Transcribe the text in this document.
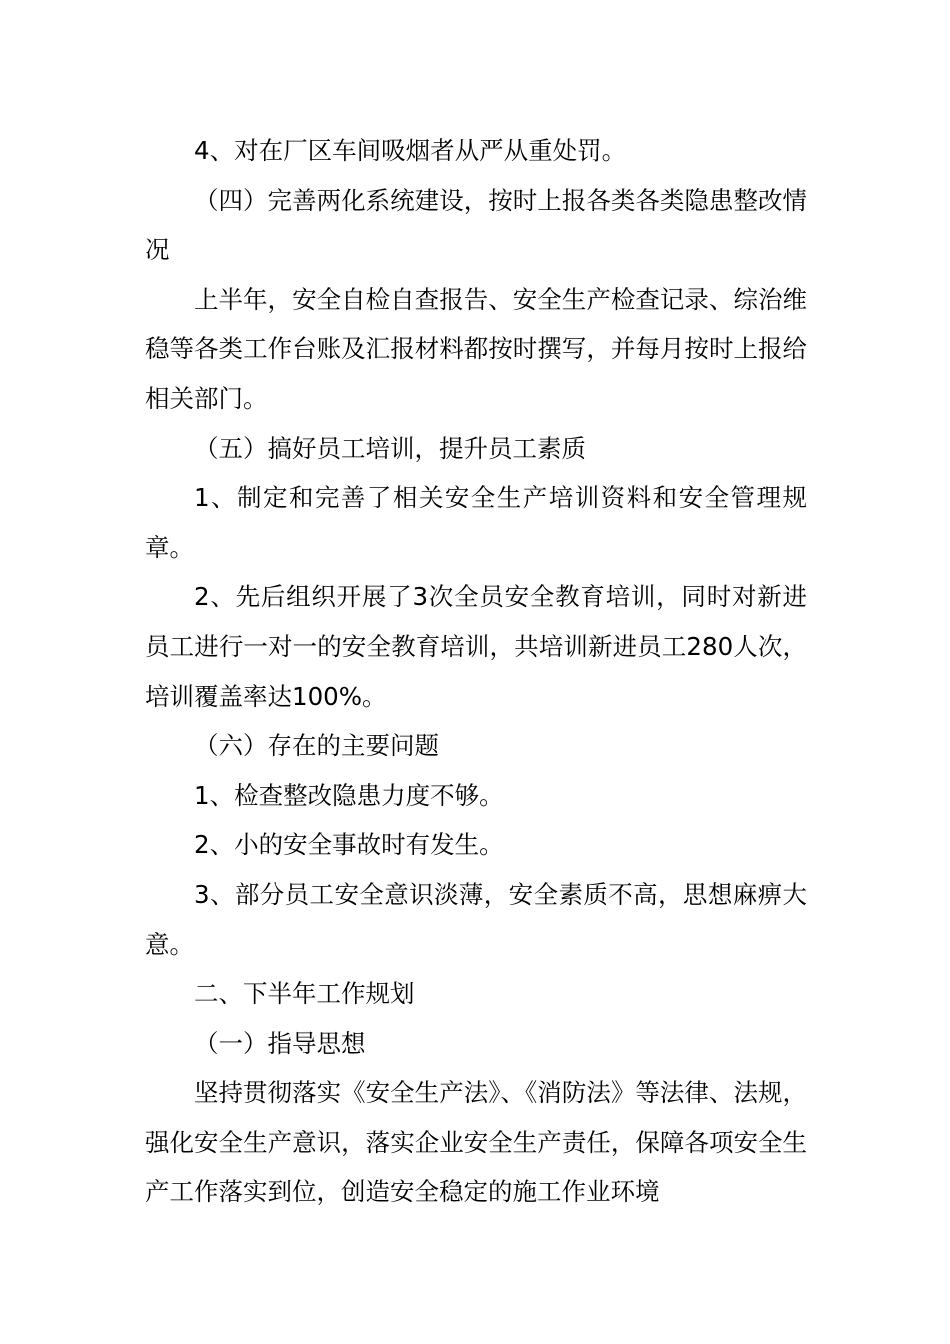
4、对在厂区车间吸烟者从严从重处罚。

（四）完善两化系统建设，按时上报各类各类隐患整改情况

上半年，安全自检自查报告、安全生产检查记录、综治维稳等各类工作台账及汇报材料都按时撰写，并每月按时上报给相关部门。

（五）搞好员工培训，提升员工素质

1、制定和完善了相关安全生产培训资料和安全管理规章。

2、先后组织开展了3次全员安全教育培训，同时对新进员工进行一对一的安全教育培训，共培训新进员工280人次，培训覆盖率达100%。

（六）存在的主要问题

1、检查整改隐患力度不够。

2、小的安全事故时有发生。

3、部分员工安全意识淡薄，安全素质不高，思想麻痹大意。

二、下半年工作规划

（一）指导思想

坚持贯彻落实《安全生产法》、《消防法》等法律、法规，强化安全生产意识，落实企业安全生产责任，保障各项安全生产工作落实到位，创造安全稳定的施工作业环境
